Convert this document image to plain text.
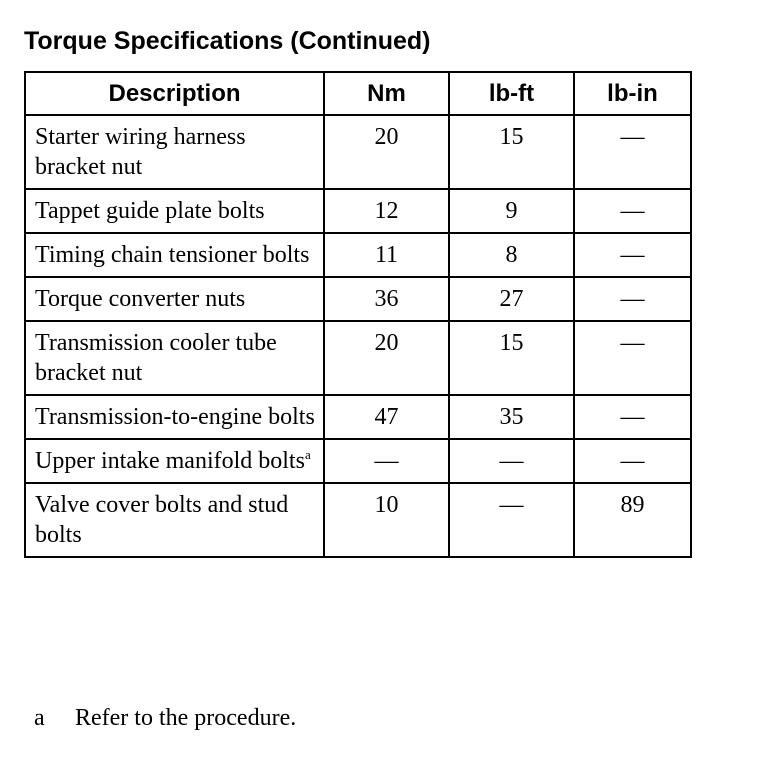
Torque Specifications (Continued)
Description	Nm	lb-ft	lb-in
Starter wiring harness bracket nut	20	15	—
Tappet guide plate bolts	12	9	—
Timing chain tensioner bolts	11	8	—
Torque converter nuts	36	27	—
Transmission cooler tube bracket nut	20	15	—
Transmission-to-engine bolts	47	35	—
Upper intake manifold bolts$^a$	—	—	—
Valve cover bolts and stud bolts	10	—	89
a Refer to the procedure.
